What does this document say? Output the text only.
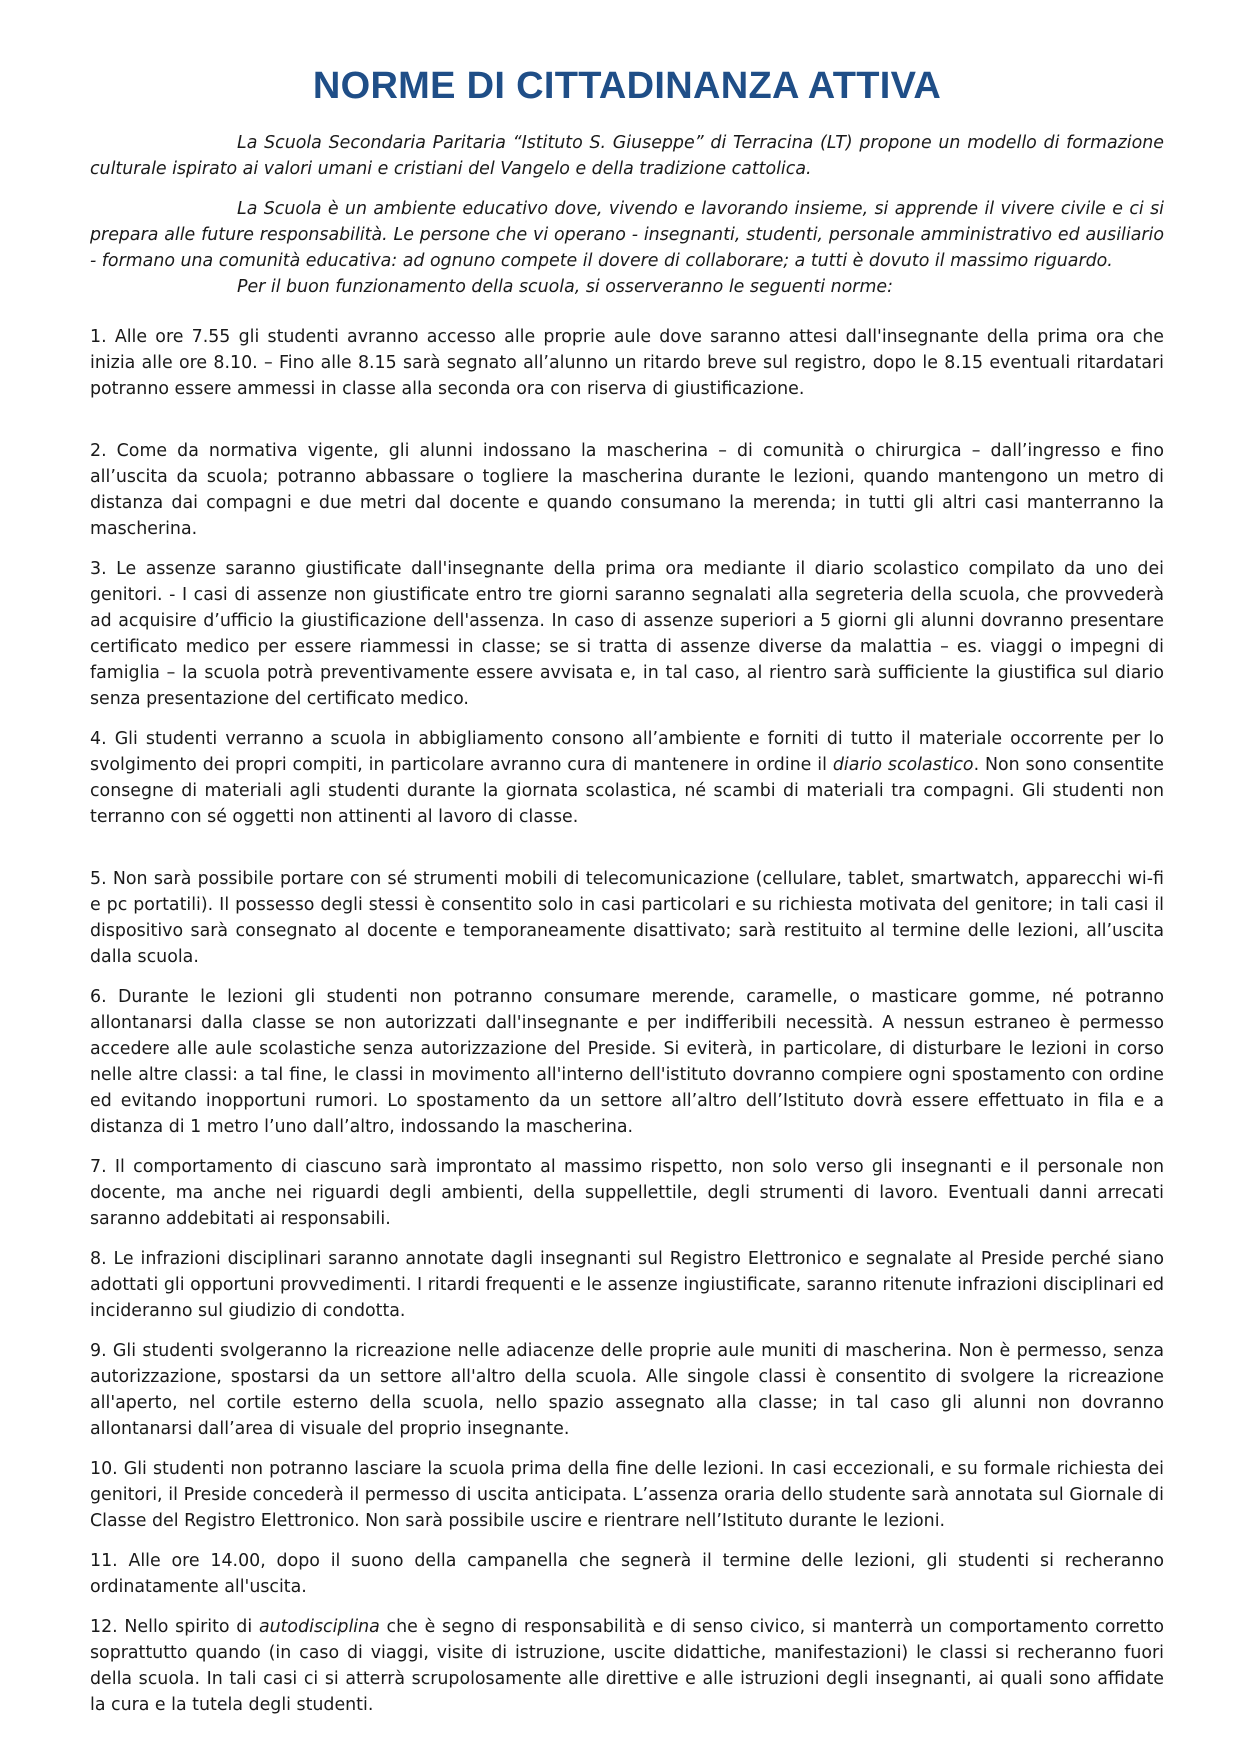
NORME DI CITTADINANZA ATTIVA

La Scuola Secondaria Paritaria “Istituto S. Giuseppe” di Terracina (LT) propone un modello di formazione culturale ispirato ai valori umani e cristiani del Vangelo e della tradizione cattolica.

La Scuola è un ambiente educativo dove, vivendo e lavorando insieme, si apprende il vivere civile e ci si prepara alle future responsabilità. Le persone che vi operano - insegnanti, studenti, personale amministrativo ed ausiliario - formano una comunità educativa: ad ognuno compete il dovere di collaborare; a tutti è dovuto il massimo riguardo.

Per il buon funzionamento della scuola, si osserveranno le seguenti norme:

1. Alle ore 7.55 gli studenti avranno accesso alle proprie aule dove saranno attesi dall'insegnante della prima ora che inizia alle ore 8.10. – Fino alle 8.15 sarà segnato all’alunno un ritardo breve sul registro, dopo le 8.15 eventuali ritardatari potranno essere ammessi in classe alla seconda ora con riserva di giustificazione.

2. Come da normativa vigente, gli alunni indossano la mascherina – di comunità o chirurgica – dall’ingresso e fino all’uscita da scuola; potranno abbassare o togliere la mascherina durante le lezioni, quando mantengono un metro di distanza dai compagni e due metri dal docente e quando consumano la merenda; in tutti gli altri casi manterranno la mascherina.

3. Le assenze saranno giustificate dall'insegnante della prima ora mediante il diario scolastico compilato da uno dei genitori. - I casi di assenze non giustificate entro tre giorni saranno segnalati alla segreteria della scuola, che provvederà ad acquisire d’ufficio la giustificazione dell'assenza. In caso di assenze superiori a 5 giorni gli alunni dovranno presentare certificato medico per essere riammessi in classe; se si tratta di assenze diverse da malattia – es. viaggi o impegni di famiglia – la scuola potrà preventivamente essere avvisata e, in tal caso, al rientro sarà sufficiente la giustifica sul diario senza presentazione del certificato medico.

4. Gli studenti verranno a scuola in abbigliamento consono all’ambiente e forniti di tutto il materiale occorrente per lo svolgimento dei propri compiti, in particolare avranno cura di mantenere in ordine il diario scolastico. Non sono consentite consegne di materiali agli studenti durante la giornata scolastica, né scambi di materiali tra compagni. Gli studenti non terranno con sé oggetti non attinenti al lavoro di classe.

5. Non sarà possibile portare con sé strumenti mobili di telecomunicazione (cellulare, tablet, smartwatch, apparecchi wi-fi e pc portatili). Il possesso degli stessi è consentito solo in casi particolari e su richiesta motivata del genitore; in tali casi il dispositivo sarà consegnato al docente e temporaneamente disattivato; sarà restituito al termine delle lezioni, all’uscita dalla scuola.

6. Durante le lezioni gli studenti non potranno consumare merende, caramelle, o masticare gomme, né potranno allontanarsi dalla classe se non autorizzati dall'insegnante e per indifferibili necessità. A nessun estraneo è permesso accedere alle aule scolastiche senza autorizzazione del Preside. Si eviterà, in particolare, di disturbare le lezioni in corso nelle altre classi: a tal fine, le classi in movimento all'interno dell'istituto dovranno compiere ogni spostamento con ordine ed evitando inopportuni rumori. Lo spostamento da un settore all’altro dell’Istituto dovrà essere effettuato in fila e a distanza di 1 metro l’uno dall’altro, indossando la mascherina.

7. Il comportamento di ciascuno sarà improntato al massimo rispetto, non solo verso gli insegnanti e il personale non docente, ma anche nei riguardi degli ambienti, della suppellettile, degli strumenti di lavoro. Eventuali danni arrecati saranno addebitati ai responsabili.

8. Le infrazioni disciplinari saranno annotate dagli insegnanti sul Registro Elettronico e segnalate al Preside perché siano adottati gli opportuni provvedimenti. I ritardi frequenti e le assenze ingiustificate, saranno ritenute infrazioni disciplinari ed incideranno sul giudizio di condotta.

9. Gli studenti svolgeranno la ricreazione nelle adiacenze delle proprie aule muniti di mascherina. Non è permesso, senza autorizzazione, spostarsi da un settore all'altro della scuola. Alle singole classi è consentito di svolgere la ricreazione all'aperto, nel cortile esterno della scuola, nello spazio assegnato alla classe; in tal caso gli alunni non dovranno allontanarsi dall’area di visuale del proprio insegnante.

10. Gli studenti non potranno lasciare la scuola prima della fine delle lezioni. In casi eccezionali, e su formale richiesta dei genitori, il Preside concederà il permesso di uscita anticipata. L’assenza oraria dello studente sarà annotata sul Giornale di Classe del Registro Elettronico. Non sarà possibile uscire e rientrare nell’Istituto durante le lezioni.

11. Alle ore 14.00, dopo il suono della campanella che segnerà il termine delle lezioni, gli studenti si recheranno ordinatamente all'uscita.

12. Nello spirito di autodisciplina che è segno di responsabilità e di senso civico, si manterrà un comportamento corretto soprattutto quando (in caso di viaggi, visite di istruzione, uscite didattiche, manifestazioni) le classi si recheranno fuori della scuola. In tali casi ci si atterrà scrupolosamente alle direttive e alle istruzioni degli insegnanti, ai quali sono affidate la cura e la tutela degli studenti.
